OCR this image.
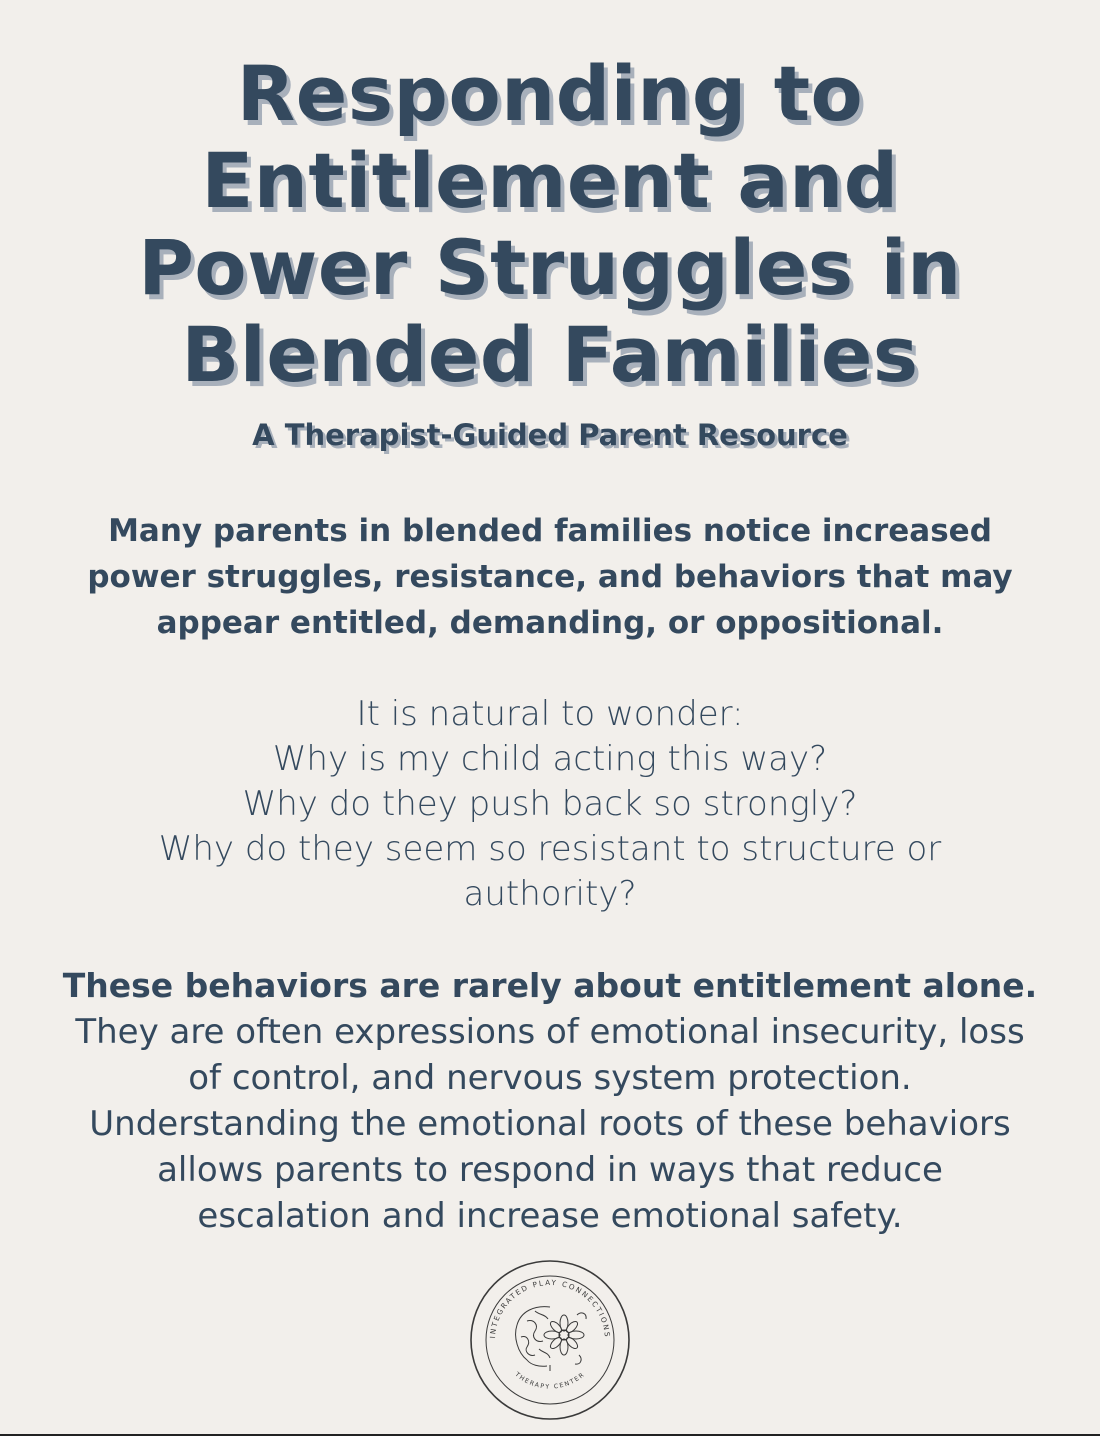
Responding to
Entitlement and
Power Struggles in
Blended Families
A Therapist-Guided Parent Resource

Many parents in blended families notice increased
power struggles, resistance, and behaviors that may
appear entitled, demanding, or oppositional.

It is natural to wonder:
Why is my child acting this way?
Why do they push back so strongly?
Why do they seem so resistant to structure or
authority?

These behaviors are rarely about entitlement alone.
They are often expressions of emotional insecurity, loss
of control, and nervous system protection.
Understanding the emotional roots of these behaviors
allows parents to respond in ways that reduce
escalation and increase emotional safety.

INTEGRATED PLAY CONNECTIONS
THERAPY CENTER
